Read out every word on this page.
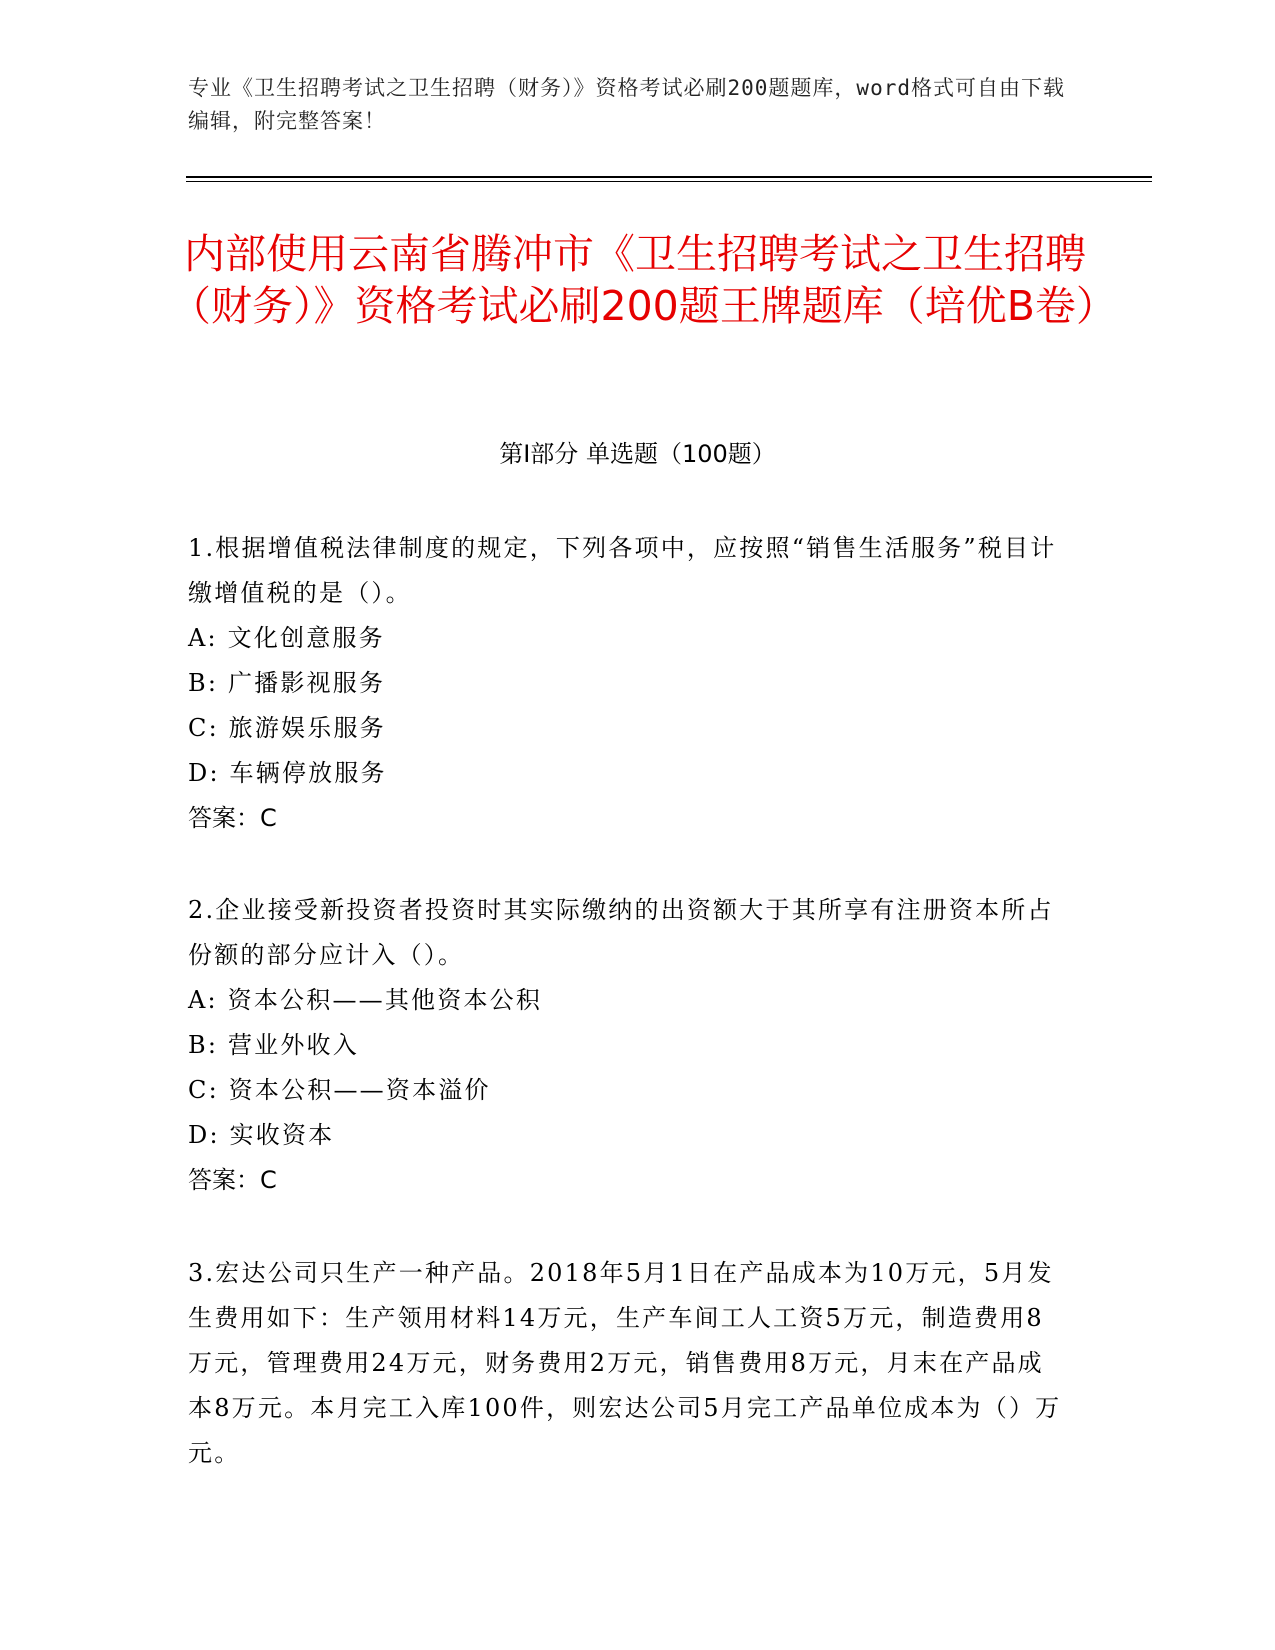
专业《卫生招聘考试之卫生招聘（财务）》资格考试必刷200题题库，word格式可自由下载编辑，附完整答案！
内部使用云南省腾冲市《卫生招聘考试之卫生招聘（财务）》资格考试必刷200题王牌题库（培优B卷）
第Ⅰ部分 单选题（100题）

1.根据增值税法律制度的规定，下列各项中，应按照“销售生活服务”税目计缴增值税的是（）。

A: 文化创意服务

B: 广播影视服务

C: 旅游娱乐服务

D: 车辆停放服务

答案：C

2.企业接受新投资者投资时其实际缴纳的出资额大于其所享有注册资本所占份额的部分应计入（）。

A: 资本公积——其他资本公积

B: 营业外收入

C: 资本公积——资本溢价

D: 实收资本

答案：C

3.宏达公司只生产一种产品。2018年5月1日在产品成本为10万元，5月发生费用如下：生产领用材料14万元，生产车间工人工资5万元，制造费用8万元，管理费用24万元，财务费用2万元，销售费用8万元，月末在产品成本8万元。本月完工入库100件，则宏达公司5月完工产品单位成本为（）万元。
